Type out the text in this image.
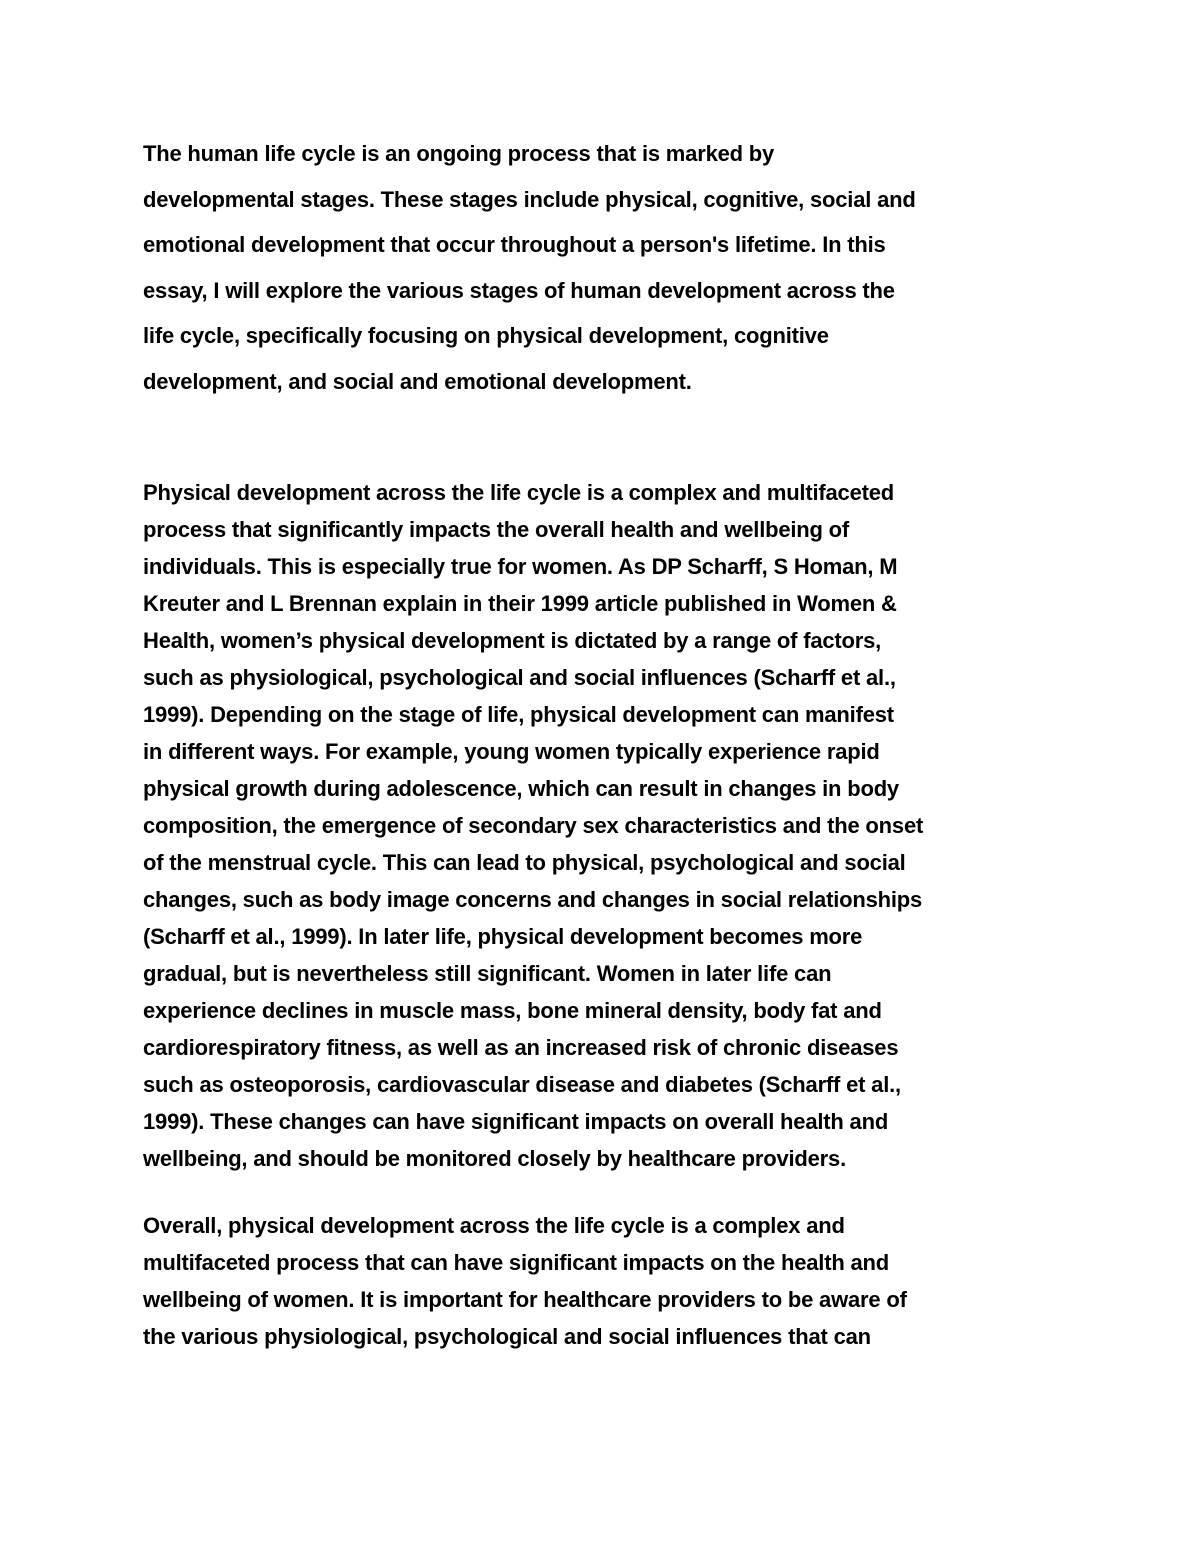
The human life cycle is an ongoing process that is marked by
developmental stages. These stages include physical, cognitive, social and
emotional development that occur throughout a person's lifetime. In this
essay, I will explore the various stages of human development across the
life cycle, specifically focusing on physical development, cognitive
development, and social and emotional development.
Physical development across the life cycle is a complex and multifaceted
process that significantly impacts the overall health and wellbeing of
individuals. This is especially true for women. As DP Scharff, S Homan, M
Kreuter and L Brennan explain in their 1999 article published in Women &
Health, women’s physical development is dictated by a range of factors,
such as physiological, psychological and social influences (Scharff et al.,
1999). Depending on the stage of life, physical development can manifest
in different ways. For example, young women typically experience rapid
physical growth during adolescence, which can result in changes in body
composition, the emergence of secondary sex characteristics and the onset
of the menstrual cycle. This can lead to physical, psychological and social
changes, such as body image concerns and changes in social relationships
(Scharff et al., 1999). In later life, physical development becomes more
gradual, but is nevertheless still significant. Women in later life can
experience declines in muscle mass, bone mineral density, body fat and
cardiorespiratory fitness, as well as an increased risk of chronic diseases
such as osteoporosis, cardiovascular disease and diabetes (Scharff et al.,
1999). These changes can have significant impacts on overall health and
wellbeing, and should be monitored closely by healthcare providers.
Overall, physical development across the life cycle is a complex and
multifaceted process that can have significant impacts on the health and
wellbeing of women. It is important for healthcare providers to be aware of
the various physiological, psychological and social influences that can
